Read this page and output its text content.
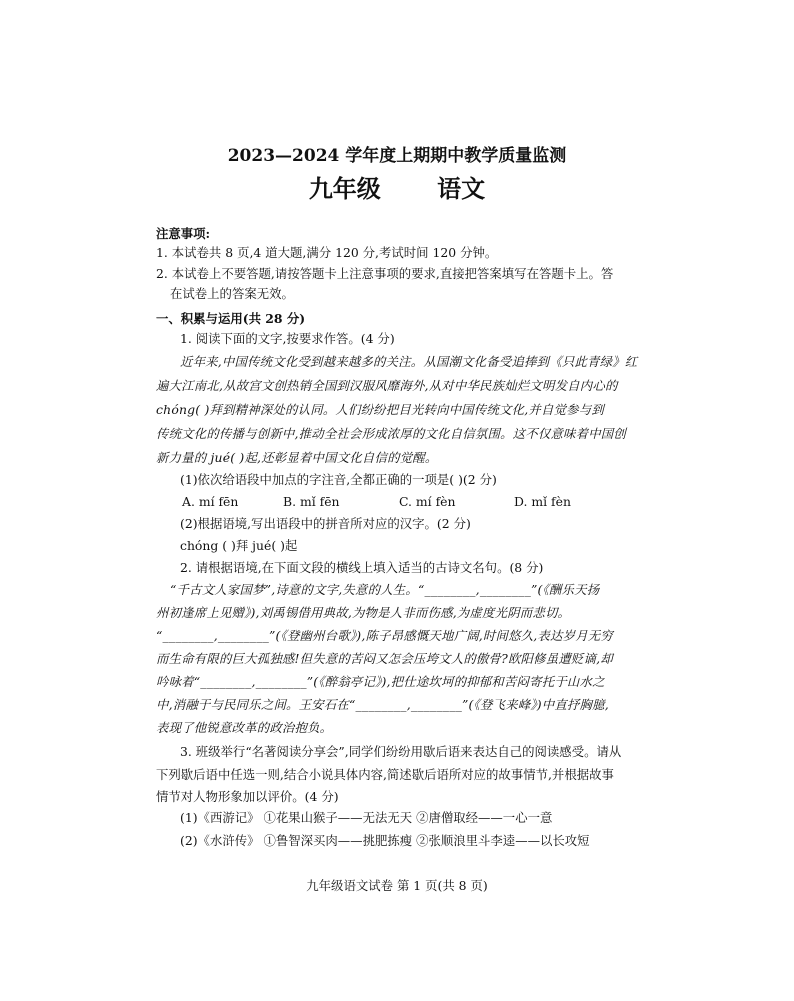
2023—2024 学年度上期期中教学质量监测
九年级 语文
注意事项:
1. 本试卷共 8 页,4 道大题,满分 120 分,考试时间 120 分钟。
2. 本试卷上不要答题,请按答题卡上注意事项的要求,直接把答案填写在答题卡上。答
在试卷上的答案无效。
一、积累与运用(共 28 分)
1. 阅读下面的文字,按要求作答。(4 分)
近年来,中国传统文化受到越来越多的关注。从国潮文化备受追捧到《只此青绿》红
遍大江南北,从故宫文创热销全国到汉服风靡海外,从对中华民族灿烂文明发自内心的
chóng( )拜到精神深处的认同。人们纷纷把目光转向中国传统文化,并自觉参与到
传统文化的传播与创新中,推动全社会形成浓厚的文化自信氛围。这不仅意味着中国创
新力量的 jué( )起,还彰显着中国文化自信的觉醒。
(1)依次给语段中加点的字注音,全都正确的一项是( )(2 分)
A. mí fēn	B. mǐ fēn	C. mí fèn	D. mǐ fèn
(2)根据语境,写出语段中的拼音所对应的汉字。(2 分)
chóng ( )拜 jué( )起
2. 请根据语境,在下面文段的横线上填入适当的古诗文名句。(8 分)
“千古文人家国梦”,诗意的文字,失意的人生。“________,________”(《酬乐天扬
州初逢席上见赠》),刘禹锡借用典故,为物是人非而伤感,为虚度光阴而悲切。
“________,________”(《登幽州台歌》),陈子昂感慨天地广阔,时间悠久,表达岁月无穷
而生命有限的巨大孤独感!但失意的苦闷又怎会压垮文人的傲骨?欧阳修虽遭贬谪,却
吟咏着“________,________”(《醉翁亭记》),把仕途坎坷的抑郁和苦闷寄托于山水之
中,消融于与民同乐之间。王安石在“________,________”(《登飞来峰》)中直抒胸臆,
表现了他锐意改革的政治抱负。
3. 班级举行“名著阅读分享会”,同学们纷纷用歇后语来表达自己的阅读感受。请从
下列歇后语中任选一则,结合小说具体内容,简述歇后语所对应的故事情节,并根据故事
情节对人物形象加以评价。(4 分)
(1)《西游记》 ①花果山猴子——无法无天 ②唐僧取经——一心一意
(2)《水浒传》 ①鲁智深买肉——挑肥拣瘦 ②张顺浪里斗李逵——以长攻短
九年级语文试卷 第 1 页(共 8 页)
